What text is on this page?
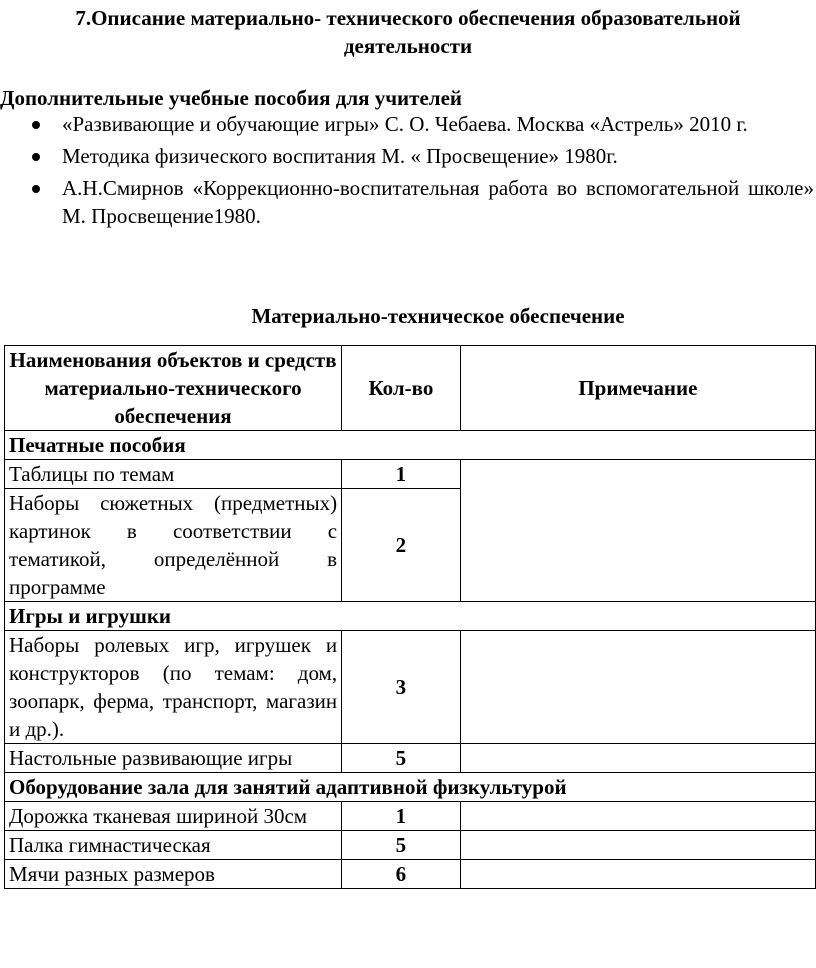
7.Описание материально- технического обеспечения образовательной
деятельности
Дополнительные учебные пособия для учителей
«Развивающие и обучающие игры» С. О. Чебаева. Москва «Астрель» 2010 г.
Методика физического воспитания М. « Просвещение» 1980г.
А.Н.Смирнов «Коррекционно-воспитательная работа во вспомогательной школе» М. Просвещение1980.
Материально-техническое обеспечение
Наименования объектов и средств материально-технического обеспечения	Кол-во	Примечание
Печатные пособия		
Таблицы по темам	1	
Наборы сюжетных (предметных) картинок в соответствии с тематикой, определённой в программе	2	
Игры и игрушки		
Наборы ролевых игр, игрушек и конструкторов (по темам: дом, зоопарк, ферма, транспорт, магазин и др.).	3	
Настольные развивающие игры	5	
Оборудование зала для занятий адаптивной физкультурой		
Дорожка тканевая шириной 30см	1	
Палка гимнастическая	5	
Мячи разных размеров	6	
